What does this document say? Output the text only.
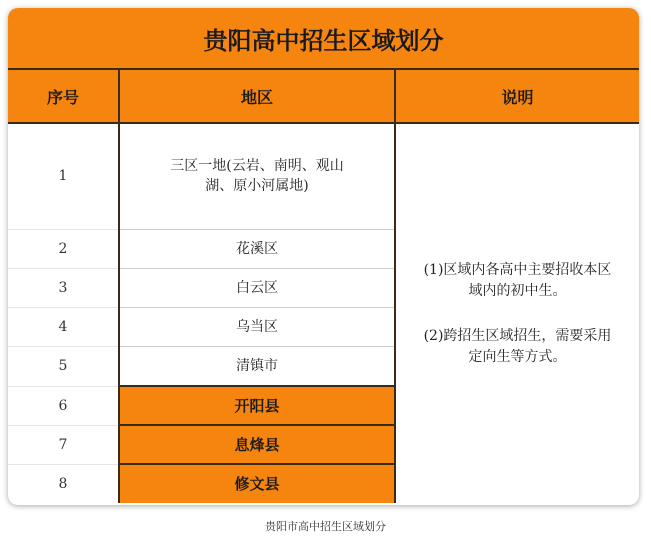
贵阳高中招生区域划分		
序号	地区	说明
1	三区一地(云岩、南明、观山湖、原小河属地)	(1)区域内各高中主要招收本区域内的初中生。

(2)跨招生区域招生，需要采用定向生等方式。

2	花溪区	
3	白云区	
4	乌当区	
5	清镇市	
6	开阳县	
7	息烽县	
8	修文县	
贵阳市高中招生区域划分
